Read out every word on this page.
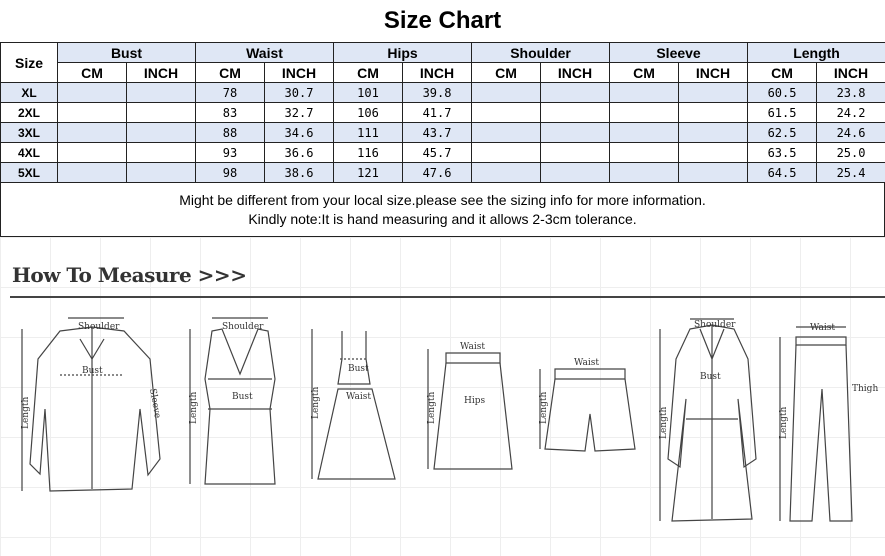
Size Chart
Size	Bust		Waist		Hips		Shoulder		Sleeve		Length	
	CM	INCH	CM	INCH	CM	INCH	CM	INCH	CM	INCH	CM	INCH
XL			78	30.7	101	39.8					60.5	23.8
2XL			83	32.7	106	41.7					61.5	24.2
3XL			88	34.6	111	43.7					62.5	24.6
4XL			93	36.6	116	45.7					63.5	25.0
5XL			98	38.6	121	47.6					64.5	25.4
Might be different from your local size.please see the sizing info for more information.
Kindly note:It is hand measuring and it allows 2-3cm tolerance.
How To Measure >>>
Shoulder
Bust
Sleeve
Length
Shoulder
Bust
Length
Bust
Waist
Length
Waist
Hips
Length
Waist
Length
Shoulder
Bust
Length
Waist
Thigh
Length
